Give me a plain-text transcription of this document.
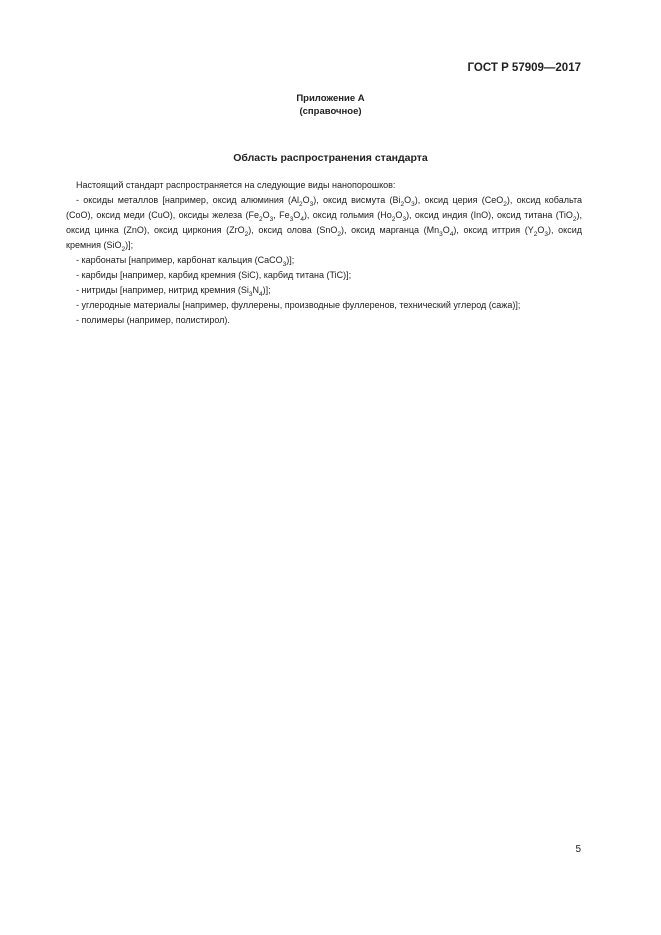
ГОСТ Р 57909—2017
Приложение А
(справочное)
Область распространения стандарта

Настоящий стандарт распространяется на следующие виды нанопорошков:

- оксиды металлов [например, оксид алюминия $(Al_2O_3)$, оксид висмута $(Bi_2O_3)$, оксид церия (CeO$_2$), оксид кобальта (CoO), оксид меди (CuO), оксиды железа ($Fe_2O_3$, $Fe_3O_4$), оксид гольмия $(Ho_2O_3)$, оксид индия (InO), оксид титана (TiO$_2$), оксид цинка (ZnO), оксид циркония (ZrO$_2$), оксид олова (SnO$_2$), оксид марганца $(Mn_3O_4)$, оксид иттрия $(Y_2O_3)$, оксид кремния (SiO$_2$)];

- карбонаты [например, карбонат кальция (CaCO$_3$)];

- карбиды [например, карбид кремния (SiC), карбид титана (TiC)];

- нитриды [например, нитрид кремния $(Si_3N_4)$];

- углеродные материалы [например, фуллерены, производные фуллеренов, технический углерод (сажа)];

- полимеры (например, полистирол).

5
